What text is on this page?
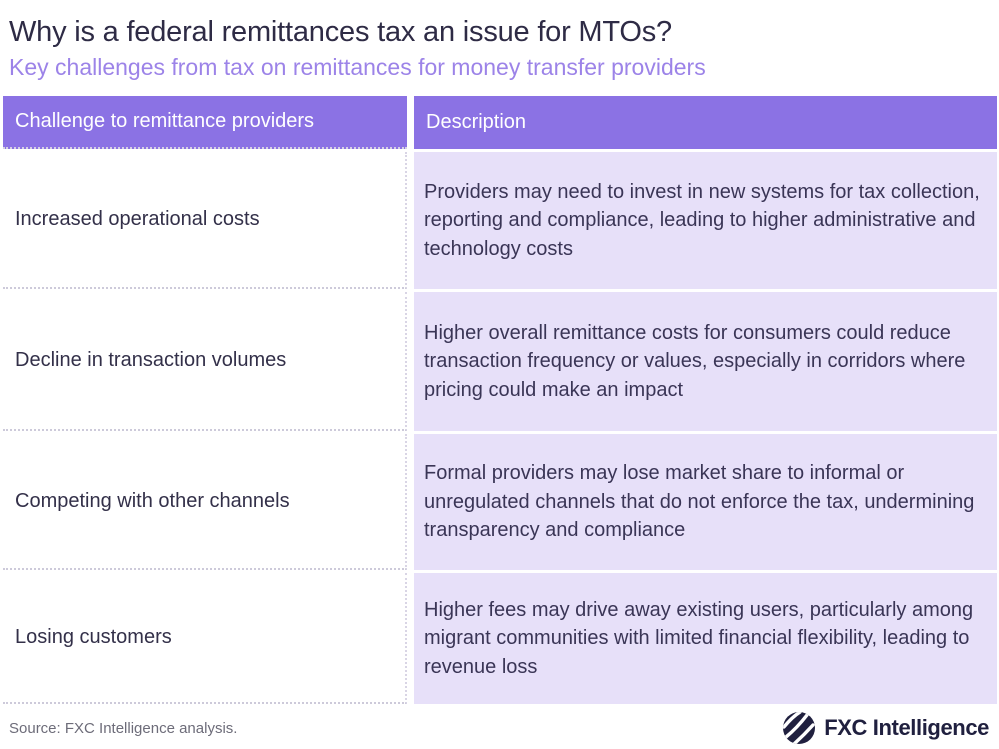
Why is a federal remittances tax an issue for MTOs?
Key challenges from tax on remittances for money transfer providers
Challenge to remittance providers	Description
Increased operational costs
Providers may need to invest in new systems for tax collection, reporting and compliance, leading to higher administrative and technology costs
Decline in transaction volumes
Higher overall remittance costs for consumers could reduce transaction frequency or values, especially in corridors where pricing could make an impact
Competing with other channels
Formal providers may lose market share to informal or unregulated channels that do not enforce the tax, undermining transparency and compliance
Losing customers
Higher fees may drive away existing users, particularly among migrant communities with limited financial flexibility, leading to revenue loss
Source: FXC Intelligence analysis.	FXC Intelligence
